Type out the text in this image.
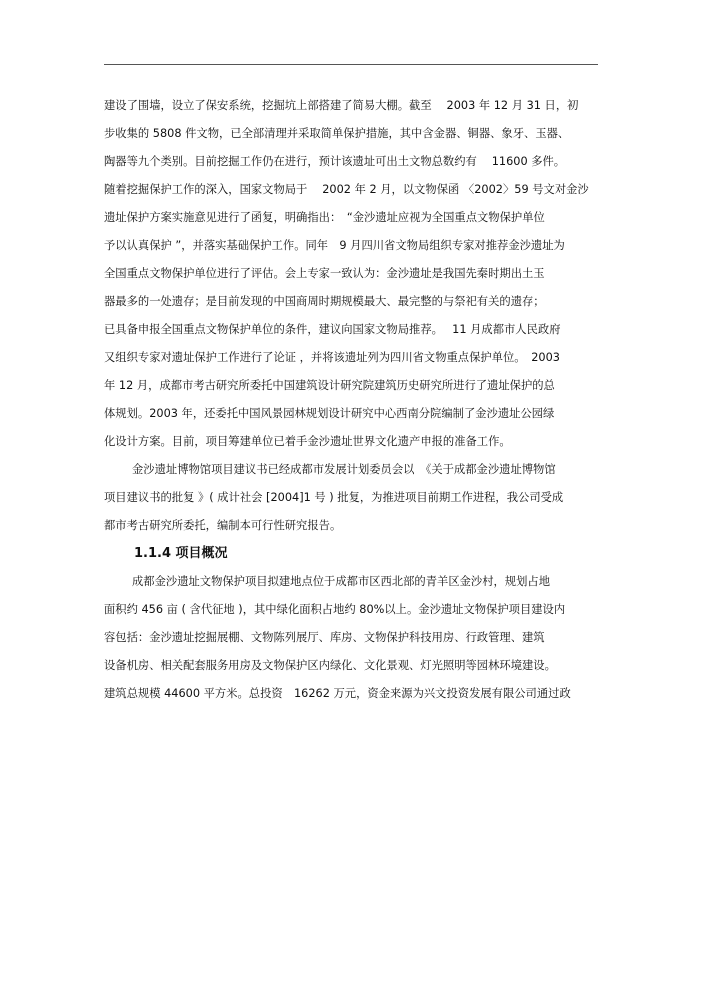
建设了围墙，设立了保安系统，挖掘坑上部搭建了简易大棚。截至　 2003 年 12 月 31 日，初
步收集的 5808 件文物，已全部清理并采取简单保护措施，其中含金器、铜器、象牙、玉器、
陶器等九个类别。目前挖掘工作仍在进行，预计该遗址可出土文物总数约有　 11600 多件。
随着挖掘保护工作的深入，国家文物局于　 2002 年 2 月，以文物保函 〈2002〉59 号文对金沙
遗址保护方案实施意见进行了函复，明确指出：　“金沙遗址应视为全国重点文物保护单位
予以认真保护 ”，并落实基础保护工作。同年　9 月四川省文物局组织专家对推荐金沙遗址为
全国重点文物保护单位进行了评估。会上专家一致认为：金沙遗址是我国先秦时期出土玉
器最多的一处遗存；是目前发现的中国商周时期规模最大、最完整的与祭祀有关的遗存；
已具备申报全国重点文物保护单位的条件，建议向国家文物局推荐。　 11 月成都市人民政府
又组织专家对遗址保护工作进行了论证 ，并将该遗址列为四川省文物重点保护单位。　2003
年 12 月，成都市考古研究所委托中国建筑设计研究院建筑历史研究所进行了遗址保护的总
体规划。2003 年，还委托中国风景园林规划设计研究中心西南分院编制了金沙遗址公园绿
化设计方案。目前，项目筹建单位已着手金沙遗址世界文化遗产申报的准备工作。
金沙遗址博物馆项目建议书已经成都市发展计划委员会以　《关于成都金沙遗址博物馆
项目建议书的批复 》( 成计社会 [2004]1 号 ) 批复，为推进项目前期工作进程，我公司受成
都市考古研究所委托，编制本可行性研究报告。
1.1.4 项目概况
成都金沙遗址文物保护项目拟建地点位于成都市区西北部的青羊区金沙村，规划占地
面积约 456 亩 ( 含代征地 )，其中绿化面积占地约 80%以上。金沙遗址文物保护项目建设内
容包括：金沙遗址挖掘展棚、文物陈列展厅、库房、文物保护科技用房、行政管理、建筑
设备机房、相关配套服务用房及文物保护区内绿化、文化景观、灯光照明等园林环境建设。
建筑总规模 44600 平方米。总投资　16262 万元，资金来源为兴文投资发展有限公司通过政
